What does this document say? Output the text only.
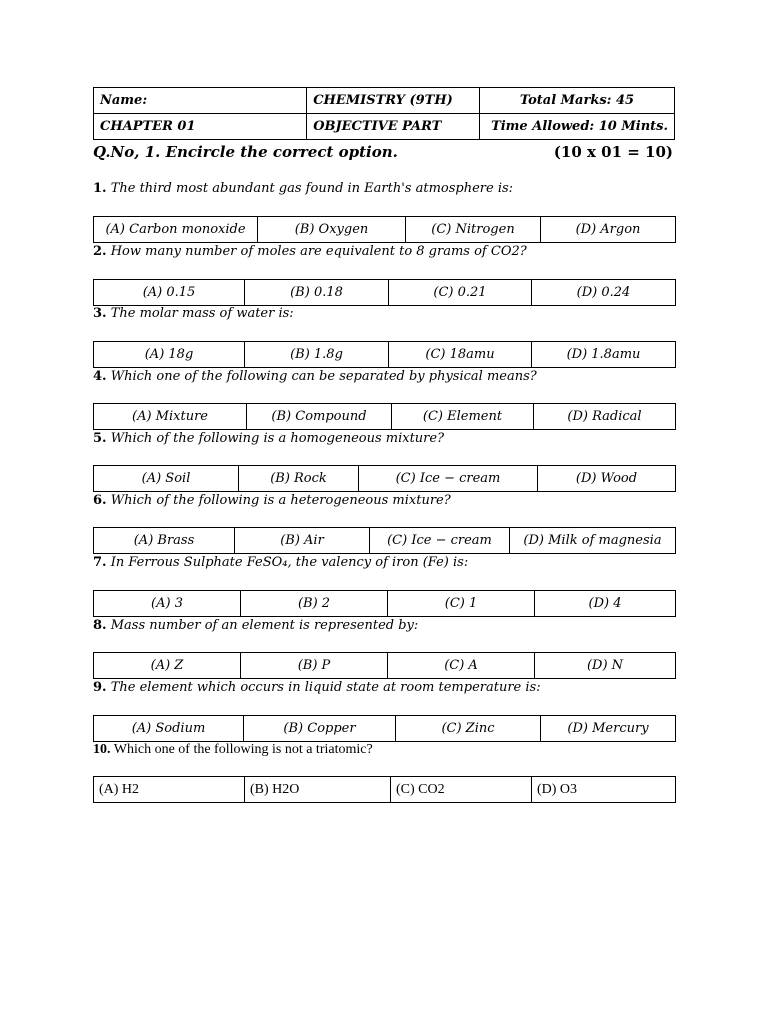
Name:	CHEMISTRY (9TH)	Total Marks: 45
CHAPTER 01	OBJECTIVE PART	Time Allowed: 10 Mints.
Q.No, 1. Encircle the correct option.	(10 x 01 = 10)
1. The third most abundant gas found in Earth's atmosphere is:
(A) Carbon monoxide	(B) Oxygen	(C) Nitrogen	(D) Argon
2. How many number of moles are equivalent to 8 grams of CO2?
(A) 0.15	(B) 0.18	(C) 0.21	(D) 0.24
3. The molar mass of water is:
(A) 18g	(B) 1.8g	(C) 18amu	(D) 1.8amu
4. Which one of the following can be separated by physical means?
(A) Mixture	(B) Compound	(C) Element	(D) Radical
5. Which of the following is a homogeneous mixture?
(A) Soil	(B) Rock	(C) Ice − cream	(D) Wood
6. Which of the following is a heterogeneous mixture?
(A) Brass	(B) Air	(C) Ice − cream	(D) Milk of magnesia
7. In Ferrous Sulphate FeSO₄, the valency of iron (Fe) is:
(A) 3	(B) 2	(C) 1	(D) 4
8. Mass number of an element is represented by:
(A) Z	(B) P	(C) A	(D) N
9. The element which occurs in liquid state at room temperature is:
(A) Sodium	(B) Copper	(C) Zinc	(D) Mercury
10. Which one of the following is not a triatomic?
(A) H2	(B) H2O	(C) CO2	(D) O3
